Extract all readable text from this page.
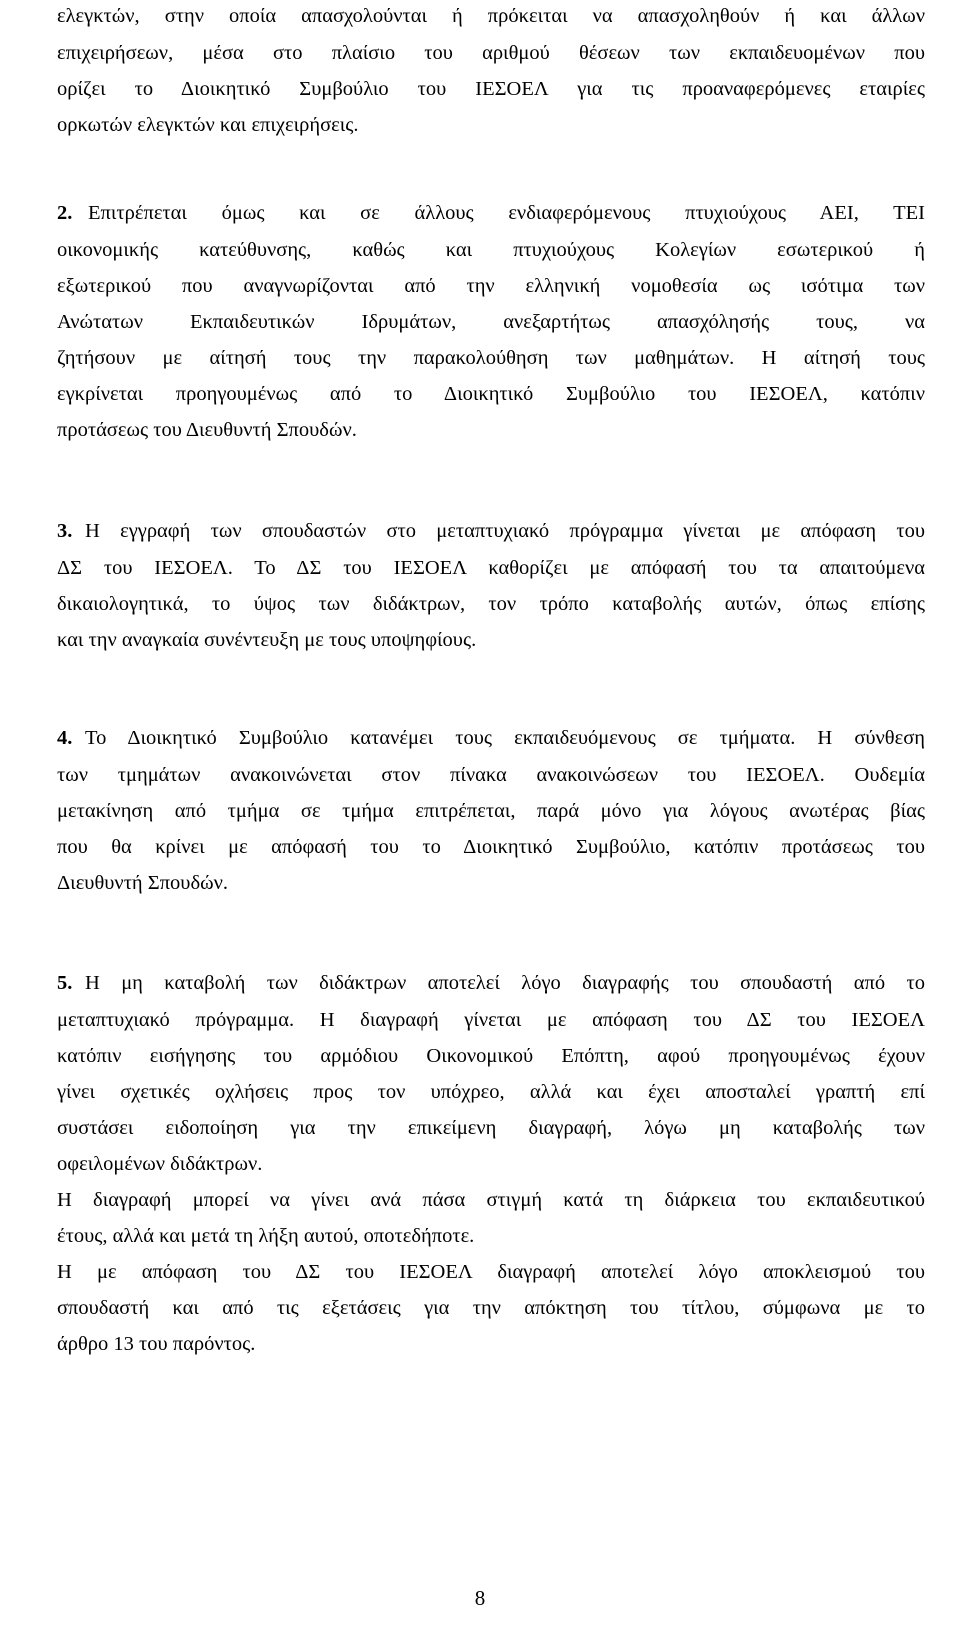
ελεγκτών, στην οποία απασχολούνται ή πρόκειται να απασχοληθούν ή και άλλων
επιχειρήσεων, μέσα στο πλαίσιο του αριθμού θέσεων των εκπαιδευομένων που
ορίζει το Διοικητικό Συμβούλιο του ΙΕΣΟΕΛ για τις προαναφερόμενες εταιρίες
ορκωτών ελεγκτών και επιχειρήσεις.
2. Επιτρέπεται όμως και σε άλλους ενδιαφερόμενους πτυχιούχους ΑΕΙ, ΤΕΙ
οικονομικής κατεύθυνσης, καθώς και πτυχιούχους Κολεγίων εσωτερικού ή
εξωτερικού που αναγνωρίζονται από την ελληνική νομοθεσία ως ισότιμα των
Ανώτατων Εκπαιδευτικών Ιδρυμάτων, ανεξαρτήτως απασχόλησής τους, να
ζητήσουν με αίτησή τους την παρακολούθηση των μαθημάτων. Η αίτησή τους
εγκρίνεται προηγουμένως από το Διοικητικό Συμβούλιο του ΙΕΣΟΕΛ, κατόπιν
προτάσεως του Διευθυντή Σπουδών.
3. Η εγγραφή των σπουδαστών στο μεταπτυχιακό πρόγραμμα γίνεται με απόφαση του
ΔΣ του ΙΕΣΟΕΛ. Το ΔΣ του ΙΕΣΟΕΛ καθορίζει με απόφασή του τα απαιτούμενα
δικαιολογητικά, το ύψος των διδάκτρων, τον τρόπο καταβολής αυτών, όπως επίσης
και την αναγκαία συνέντευξη με τους υποψηφίους.
4. Το Διοικητικό Συμβούλιο κατανέμει τους εκπαιδευόμενους σε τμήματα. Η σύνθεση
των τμημάτων ανακοινώνεται στον πίνακα ανακοινώσεων του ΙΕΣΟΕΛ. Ουδεμία
μετακίνηση από τμήμα σε τμήμα επιτρέπεται, παρά μόνο για λόγους ανωτέρας βίας
που θα κρίνει με απόφασή του το Διοικητικό Συμβούλιο, κατόπιν προτάσεως του
Διευθυντή Σπουδών.
5. Η μη καταβολή των διδάκτρων αποτελεί λόγο διαγραφής του σπουδαστή από το
μεταπτυχιακό πρόγραμμα. Η διαγραφή γίνεται με απόφαση του ΔΣ του ΙΕΣΟΕΛ
κατόπιν εισήγησης του αρμόδιου Οικονομικού Επόπτη, αφού προηγουμένως έχουν
γίνει σχετικές οχλήσεις προς τον υπόχρεο, αλλά και έχει αποσταλεί γραπτή επί
συστάσει ειδοποίηση για την επικείμενη διαγραφή, λόγω μη καταβολής των
οφειλομένων διδάκτρων.
Η διαγραφή μπορεί να γίνει ανά πάσα στιγμή κατά τη διάρκεια του εκπαιδευτικού
έτους, αλλά και μετά τη λήξη αυτού, οποτεδήποτε.
Η με απόφαση του ΔΣ του ΙΕΣΟΕΛ διαγραφή αποτελεί λόγο αποκλεισμού του
σπουδαστή και από τις εξετάσεις για την απόκτηση του τίτλου, σύμφωνα με το
άρθρο 13 του παρόντος.
8
